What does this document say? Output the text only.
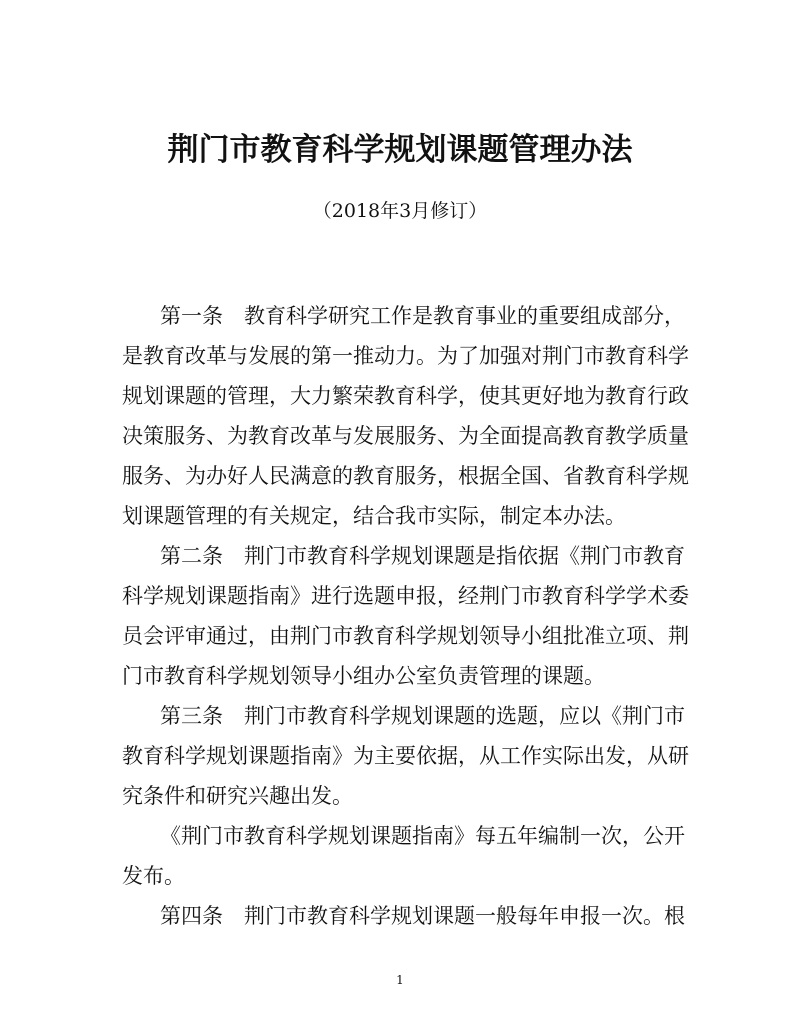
荆门市教育科学规划课题管理办法
（2018年3月修订）
第一条　教育科学研究工作是教育事业的重要组成部分，
是教育改革与发展的第一推动力。为了加强对荆门市教育科学
规划课题的管理，大力繁荣教育科学，使其更好地为教育行政
决策服务、为教育改革与发展服务、为全面提高教育教学质量
服务、为办好人民满意的教育服务，根据全国、省教育科学规
划课题管理的有关规定，结合我市实际，制定本办法。
第二条　荆门市教育科学规划课题是指依据《荆门市教育
科学规划课题指南》进行选题申报，经荆门市教育科学学术委
员会评审通过，由荆门市教育科学规划领导小组批准立项、荆
门市教育科学规划领导小组办公室负责管理的课题。
第三条　荆门市教育科学规划课题的选题，应以《荆门市
教育科学规划课题指南》为主要依据，从工作实际出发，从研
究条件和研究兴趣出发。
《荆门市教育科学规划课题指南》每五年编制一次，公开
发布。
第四条　荆门市教育科学规划课题一般每年申报一次。根
1
